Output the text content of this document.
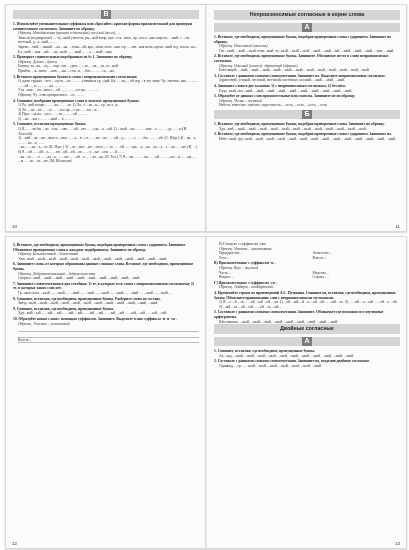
В

1. Используйте уменьшительные суффиксы или «бросайте» краткие формы прилагательной для проверки сомнительного согласного. Запишите по образцу.

Образец. Неподвижная (прошла в движении), весёлый (весел), ....

Звон ли (подворотни)...., чу...ный учитель, ры...ной вопр, пре...ста...вись, пр...посл...ная шерсть, ...ный, с ...ем весёлый, д...х...вий, ..., ...

Зарево ...мой, ...жный ....ая ...нь, ...тонн...ой, яро...тная, поле...ная стр...., зве...ная ночь, прош...ный год, запла...ка...

Бл...кий, ...ная ...ый ..., ну...ный ..., ...ный ... ...л, ....ный ...ник.

2. Проверьте сомнительные подобранных из № 1. Запишите по образцу.

Образец. Душно – душен.

Близко, за...ка, ...ку, ... опр...ше, ...деш..., ...ло, ...ча, ...за, со...ной.

Прийти, ...к...вить, ...зать, ...ни ....сов...и, ...бое..., ..., ...сь, ...но.

3. Вставьте пропущенные буквы в слова с непроизносимыми согласными.

О, даже трудно... вел ... пути, ...ко ... ... ...ушенных гр...ций. Ка... ...ец ....ой огр... в эту зиму. Чу...твуешь, как ... ...., ... ... ...ой ..., и, ..., ..., ...ая ..., ... ...

Уча...ник ... по...нем с ...ой ..., ... ..., ...ит на... ... ... ...

Образец. Чу...ство прекрасного, ...ос, ..., ...

4. Спишите, вообразив проверочные слова в золотых пропущенных буквах.

1) Ра...ной вопро... ... ...ая... ... ...ю. 2) Ла...с... ко...ы – гр...ва т...р.

3) Ле..., на ...ке ... ...ос ... ...ого пр....т на ... ...ем ...и.

4) Прос...ль на ...ом с... ....ся ... ... ...ой ... ... ...

5) ...ые ...жи с ... ... ...ный ... в ... ... ...

5. Спишите, вставляя пропущенные буквы.

1) В ... ...ли бы ...ли ...ель, ...ово... ...ой ...ает ... ...гда ...а ...ый. 2) ...ный ...ых ... ... ...ние ...е ... ... ...ду ... ...ы (Н. Толстой).

3) ...ней ...ак ...ия ...вых и ...вых ... ...а... в ...ге ... ...но ...ва ... ...ой ...д ... ... ...с ... ...бы ... ... ...ей. (С. Щер.) 4) ...ая ...ь ... ... ...ко ...ь ... ...

...ен ... ...ая ...ь ...ет. (К. Паус.) 5) ...ое ...нье ...но ...лось ... ...ю ... ...ей ... ...тра, ...к ...ва ...ла ...ь ...т ...ая ... ...ие. (В. ...) 6) В ...ой ... ...ой ...ь ... ...ем ...ой ...ей ...ок ... ...у ...ые ...оги ... ...й ... ...

...ая ...ть ... ...е ... ...ая ...ь, ... ...ые ... ...ой ...ь ... ...ая ...ка. (Л. Тол.) 7) В ...ом ... ... ...но ... ...ой ... ... ...ые ...и ... ...ия ... ...м ... ...ю ...ое ...ие. (М. Шолохов)

10
Непроизносимые согласные в корне слова
А

1. Вставьте, где необходимо, пропущенные буквы, подобрав проверочные слова с ударением. Запишите по образцу.

Образец. Известный (известь).

Гиг...ский, ...кий, ...ный, изве...ный, чу...ный, ...вый, ...ной, ...ный, ...ный ...ый, ...ный, ...ный, ...ный, ...вие, ...ный.

2. Вставьте, где необходимо, пропущенные буквы. Запишите. Обозначьте место в слове непроизносимых согласных.

Образец. Опасный (опасен); здравствуй (здравие).

Блестящий, ...ный, ...ный, ...ный, ...ный, ...ный, ...ный, ...ный, ...ный, ...ный, ...ный, ...ный, ...ный.

3. Составьте с данными словами словосочетания. Запишите их. Выделите непроизносимые согласные.

Здравствуй, устный, честный, местный, пастбище, косный, ...ный, ...ный, ...ный.

4. Запишите слова в две колонки: 1) с непроизносимым согласным; 2) без него.

Радо...ный, опа...ный, ...ный, ...ный, ...ный, ...ный, ...ный, ...ный, ...ный, ...ный, ...ный.

5. Образуйте от данных слов прилагательные или глаголы. Запишите их по образцу.

Образец. Честь – честный.

Небеса, известие, чувство, окрестность, ...ость, ...ость, ...ость, ...ость.

Б

1. Вставьте, где необходимо, пропущенные буквы, подобрав проверочные слова. Запишите по образцу.

Хру...кий, ...ный, ...ный, ...ный, ...ный, ...ный, ...ный, ...ный, ...ный, ...ный, ...ный, ...ный, ...ный.

2. Вставьте, где необходимо, пропущенные буквы, подобрав проверочные слова с ударением. Запишите их.

Небе...ный, гру...ный, ...ный, ...ный, ...ный, ...ный, ...ный, ...ный, ...ный, ...ный, ...ный, ...ный, ...ный, ...ный, ...ный.

11

5. Вставьте, где необходимо, пропущенные буквы, подобрав проверочные слова с ударением. Запишите. Обозначьте проверочные слова к каждому подобранному. Запишите по образцу.

Образец. Безызвестный – безвестный.

Ужа...ный, ...ный, ...ный, ...ный, ...ный, ...ный, ...ный, ...ный, ...ный, ...ный, ...ный, ...ный, ...ный.

6. Запишите слова, от которых образованы данные сложные слова. Вставьте, где необходимо, пропущенные буквы.

Образец. Доброкачественный – добрая качества.

Сверхсо...ный, ...ный, ...ный, ...ный, ...ный, ...ный, ...ный, ...ный, ...ный, ...ный.

7. Запишите словосочетания в два столбика: 1) те, в которых есть слова с непроизносимыми согласными; 2) те, в которых таких слов нет.

Гр...ные поля, ...ный ..., ...ный ..., ...ный ..., ...ный ..., ...ный ..., ...ный ..., ...ный ..., ...ный ..., ...ный ...

8. Спишите, вставляя, где необходимо, пропущенные буквы. Разберите слова по составу.

Звёзд...ный, ...ный, ...ный, ...ный, ...ный, ...ный, ...ный, ...ный, ...ный, ...ный, ...ный, ...ный.

9. Спишите, вставляя, где необходимо, пропущенные буквы.

Хру...кий ...ый ... ...ый, ...ый ... ...ый, ...ый ... ...ый, ...ый ... ...ый, ...ый ... ...ый, ...ый ... ...ый, ...ый.

10. Образуйте новые слова с помощью суффиксов. Запишите. Выделите в них суффиксы -н- и -ск-.

Образец. Участок – участковый.

Власть –
12

Б) Гласную с суффиксом -ова-.

Образец. Чувство – чувствовать.

Придурастие –
Уста –
Агентство –
Власть –

В) Прилагательные с суффиксом -н-.

Образец. Вкус – вкусный.

Часть –
Вопрос –
Медство –
Сорока –

Г) Прилагательные с суффиксом -ск-.

Образец. Тайбарт – тайбартский.

4. Прочитайте строки из произведений А.С. Пушкина. Спишите их, вставляя, где необходимо, пропущенные буквы. Объясните правописание слов с непроизносимыми согласными.

1) Я ...л ...й ...ть ... ...ей ...ый ...ой ...ли. 2) ...ой ...ый ...й ...ь ...ой ...ей ... ...ый ...ть. 3) ... ...ий ...о ...ый ... ...ей ...т ...ей. 4) ...ый ...ть ...ой ...ый ... ...ей ...ть ...ий ...

5. Составьте с данными словами словосочетания. Запишите. Обозначьте где возможно все изученные орфограммы.

Шествовать, ...ный, ...ный, ...ный, ...ный, ...ный, ...ный, ...ный, ...ный, ...ный.

Двойные согласные
А

1. Спишите, вставляя, где необходимо, пропущенные буквы.

Ак...орд, ...ный, ...ный, ...ный, ...ный, ...ный, ...ный, ...ный, ...ный, ...ный, ...ный, ...ный.

2. Составьте с данными словами словосочетания. Запишите их, выделив двойные согласные.

Одиннад..., гр..., ...ный, ...ный, ...ный, ...ный, ...ный, ...ный, ...ный.

13
